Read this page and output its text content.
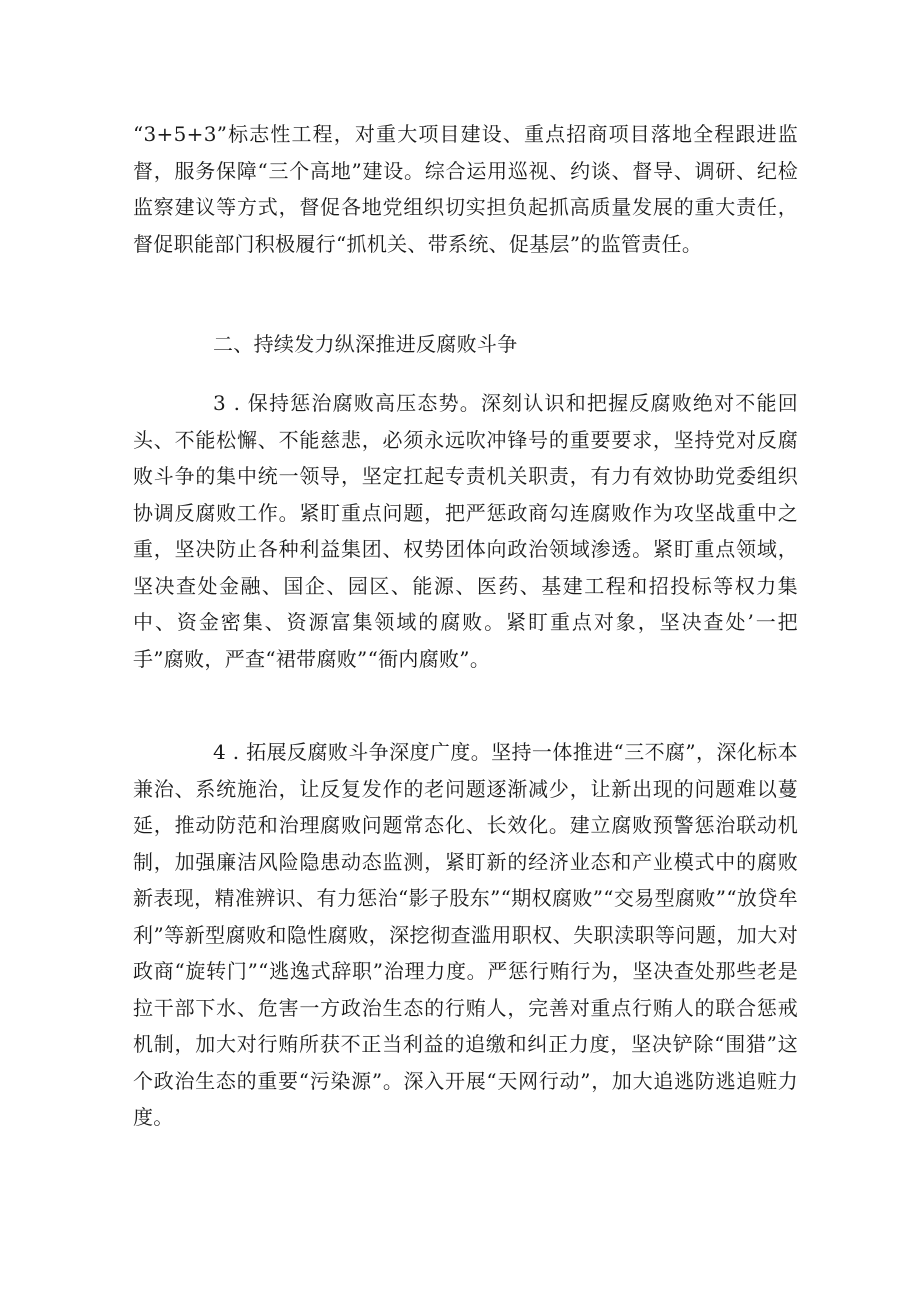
“3+5+3”标志性工程，对重大项目建设、重点招商项目落地全程跟进监督，服务保障“三个高地”建设。综合运用巡视、约谈、督导、调研、纪检监察建议等方式，督促各地党组织切实担负起抓高质量发展的重大责任，督促职能部门积极履行“抓机关、带系统、促基层”的监管责任。

二、持续发力纵深推进反腐败斗争

3 . 保持惩治腐败高压态势。深刻认识和把握反腐败绝对不能回头、不能松懈、不能慈悲，必须永远吹冲锋号的重要要求，坚持党对反腐败斗争的集中统一领导，坚定扛起专责机关职责，有力有效协助党委组织协调反腐败工作。紧盯重点问题，把严惩政商勾连腐败作为攻坚战重中之重，坚决防止各种利益集团、权势团体向政治领域渗透。紧盯重点领域，坚决查处金融、国企、园区、能源、医药、基建工程和招投标等权力集中、资金密集、资源富集领域的腐败。紧盯重点对象，坚决查处’一把手”腐败，严查“裙带腐败”“衙内腐败”。

4 . 拓展反腐败斗争深度广度。坚持一体推进“三不腐”，深化标本兼治、系统施治，让反复发作的老问题逐渐减少，让新出现的问题难以蔓延，推动防范和治理腐败问题常态化、长效化。建立腐败预警惩治联动机制，加强廉洁风险隐患动态监测，紧盯新的经济业态和产业模式中的腐败新表现，精准辨识、有力惩治“影子股东”“期权腐败”“交易型腐败”“放贷牟利”等新型腐败和隐性腐败，深挖彻查滥用职权、失职渎职等问题，加大对政商“旋转门”“逃逸式辞职”治理力度。严惩行贿行为，坚决查处那些老是拉干部下水、危害一方政治生态的行贿人，完善对重点行贿人的联合惩戒机制，加大对行贿所获不正当利益的追缴和纠正力度，坚决铲除“围猎”这个政治生态的重要“污染源”。深入开展“天网行动”，加大追逃防逃追赃力度。
